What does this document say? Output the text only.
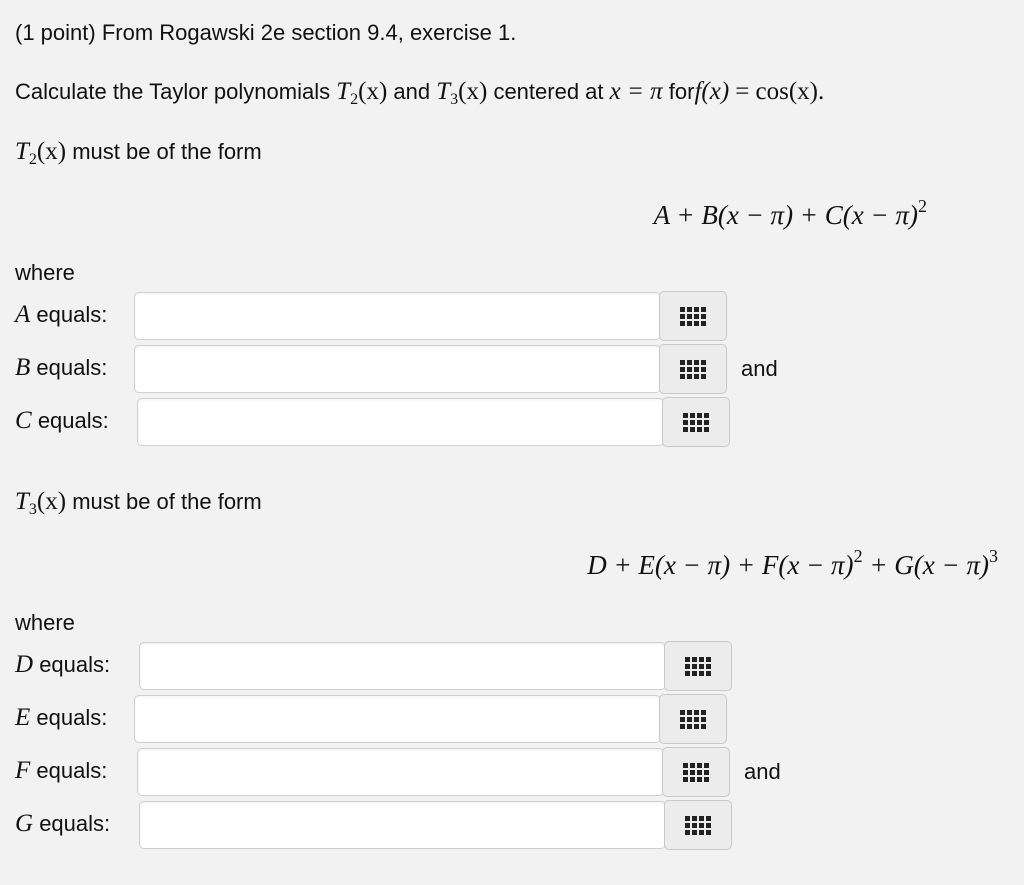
(1 point) From Rogawski 2e section 9.4, exercise 1.
Calculate the Taylor polynomials $T_2(x)$ and $T_3(x)$ centered at x = π forf(x) = cos(x).
$T_2(x)$ must be of the form
$A + B(x - \pi) + C(x - \pi)^2$
where
A equals:
B equals:	and
C equals:
$T_3(x)$ must be of the form
$D + E(x - \pi) + F(x - \pi)^2 + G(x - \pi)^3$
where
D equals:
E equals:
F equals:	and
G equals:
